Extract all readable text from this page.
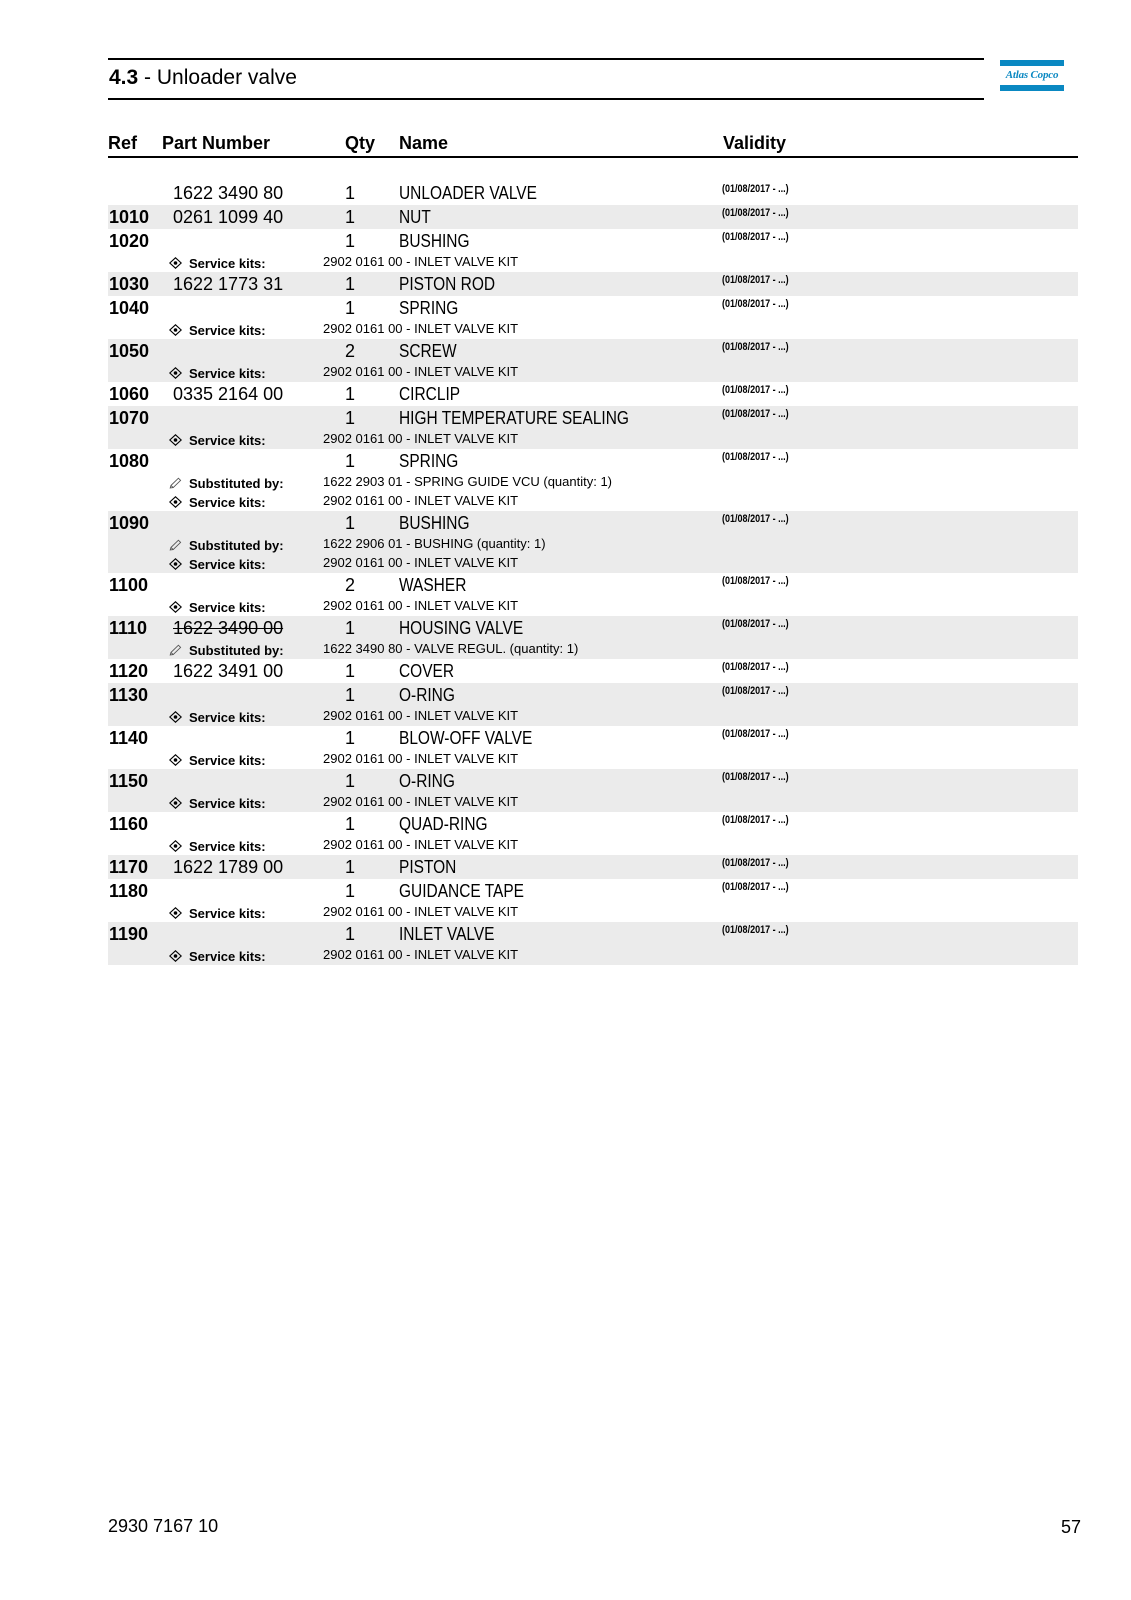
4.3 - Unloader valve	Atlas Copco
Ref Part Number	Qty Name	Validity
1622 3490 80	1 UNLOADER VALVE	(01/08/2017 - ...)
1010 0261 1099 40	1 NUT	(01/08/2017 - ...)
1020	1 BUSHING	(01/08/2017 - ...)
Service kits:	2902 0161 00 - INLET VALVE KIT
1030 1622 1773 31	1 PISTON ROD	(01/08/2017 - ...)
1040	1 SPRING	(01/08/2017 - ...)
Service kits:	2902 0161 00 - INLET VALVE KIT
1050	2 SCREW	(01/08/2017 - ...)
Service kits:	2902 0161 00 - INLET VALVE KIT
1060 0335 2164 00	1 CIRCLIP	(01/08/2017 - ...)
1070	1 HIGH TEMPERATURE SEALING	(01/08/2017 - ...)
Service kits:	2902 0161 00 - INLET VALVE KIT
1080	1 SPRING	(01/08/2017 - ...)
Substituted by:	1622 2903 01 - SPRING GUIDE VCU (quantity: 1)
Service kits:	2902 0161 00 - INLET VALVE KIT
1090	1 BUSHING	(01/08/2017 - ...)
Substituted by:	1622 2906 01 - BUSHING (quantity: 1)
Service kits:	2902 0161 00 - INLET VALVE KIT
1100	2 WASHER	(01/08/2017 - ...)
Service kits:	2902 0161 00 - INLET VALVE KIT
1110 1622 3490 00	1 HOUSING VALVE	(01/08/2017 - ...)
Substituted by:	1622 3490 80 - VALVE REGUL. (quantity: 1)
1120 1622 3491 00	1 COVER	(01/08/2017 - ...)
1130	1 O-RING	(01/08/2017 - ...)
Service kits:	2902 0161 00 - INLET VALVE KIT
1140	1 BLOW-OFF VALVE	(01/08/2017 - ...)
Service kits:	2902 0161 00 - INLET VALVE KIT
1150	1 O-RING	(01/08/2017 - ...)
Service kits:	2902 0161 00 - INLET VALVE KIT
1160	1 QUAD-RING	(01/08/2017 - ...)
Service kits:	2902 0161 00 - INLET VALVE KIT
1170 1622 1789 00	1 PISTON	(01/08/2017 - ...)
1180	1 GUIDANCE TAPE	(01/08/2017 - ...)
Service kits:	2902 0161 00 - INLET VALVE KIT
1190	1 INLET VALVE	(01/08/2017 - ...)
Service kits:	2902 0161 00 - INLET VALVE KIT
2930 7167 10	57
